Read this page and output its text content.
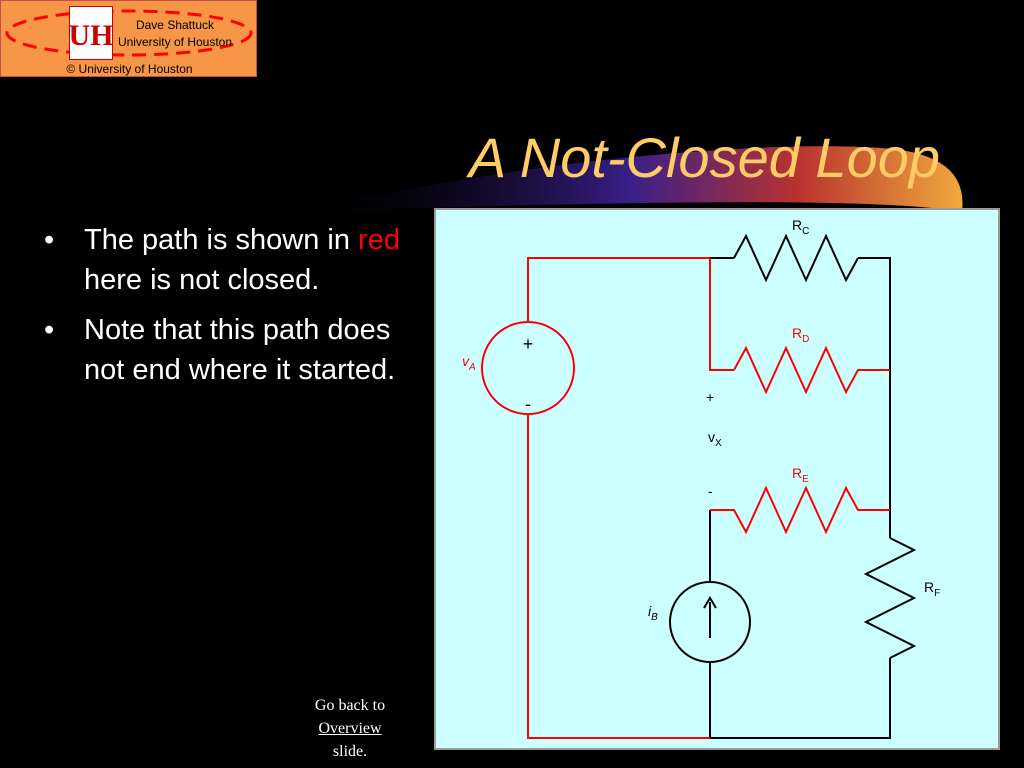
UH	Dave Shattuck
University of Houston
© University of Houston
A Not-Closed Loop
• The path is shown in red here is not closed.
• Note that this path does not end where it started.
Go back to
Overview
slide.
$R_C$
$R_D$
$R_E$
$R_F$
$v_A$
$i_B$
$v_X$
+
-
+
-
